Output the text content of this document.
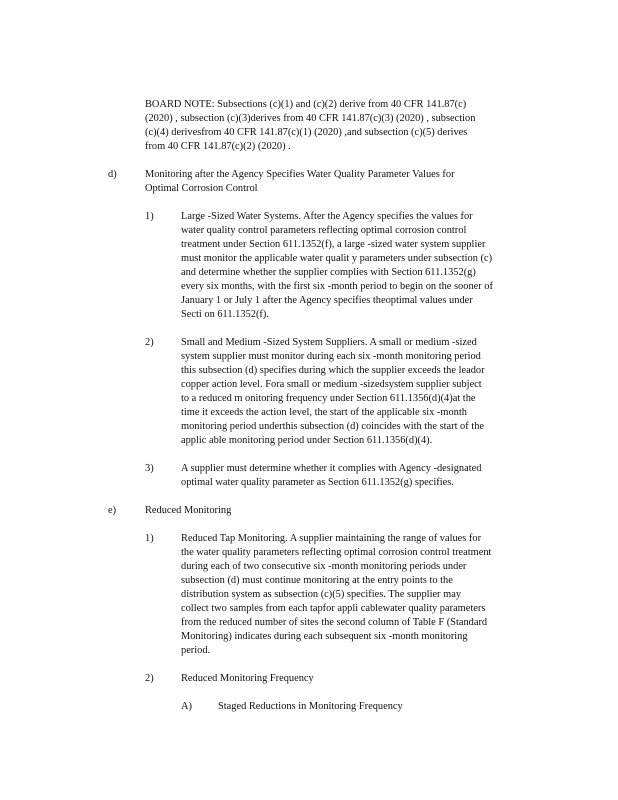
BOARD NOTE: Subsections (c)(1) and (c)(2) derive from 40 CFR 141.87(c)
(2020) , subsection (c)(3)derives from 40 CFR 141.87(c)(3) (2020) , subsection
(c)(4) derivesfrom 40 CFR 141.87(c)(1) (2020) ,and subsection (c)(5) derives
from 40 CFR 141.87(c)(2) (2020) .
d)	Monitoring after the Agency Specifies Water Quality Parameter Values for
Optimal Corrosion Control
1)	Large -Sized Water Systems. After the Agency specifies the values for
water quality control parameters reflecting optimal corrosion control
treatment under Section 611.1352(f), a large -sized water system supplier
must monitor the applicable water qualit y parameters under subsection (c)
and determine whether the supplier complies with Section 611.1352(g)
every six months, with the first six -month period to begin on the sooner of
January 1 or July 1 after the Agency specifies theoptimal values under
Secti on 611.1352(f).
2)	Small and Medium -Sized System Suppliers. A small or medium -sized
system supplier must monitor during each six -month monitoring period
this subsection (d) specifies during which the supplier exceeds the leador
copper action level. Fora small or medium -sizedsystem supplier subject
to a reduced m onitoring frequency under Section 611.1356(d)(4)at the
time it exceeds the action level, the start of the applicable six -month
monitoring period underthis subsection (d) coincides with the start of the
applic able monitoring period under Section 611.1356(d)(4).
3)	A supplier must determine whether it complies with Agency -designated
optimal water quality parameter as Section 611.1352(g) specifies.
e)	Reduced Monitoring
1)	Reduced Tap Monitoring. A supplier maintaining the range of values for
the water quality parameters reflecting optimal corrosion control treatment
during each of two consecutive six -month monitoring periods under
subsection (d) must continue monitoring at the entry points to the
distribution system as subsection (c)(5) specifies. The supplier may
collect two samples from each tapfor appli cablewater quality parameters
from the reduced number of sites the second column of Table F (Standard
Monitoring) indicates during each subsequent six -month monitoring
period.
2)	Reduced Monitoring Frequency
A)	Staged Reductions in Monitoring Frequency
